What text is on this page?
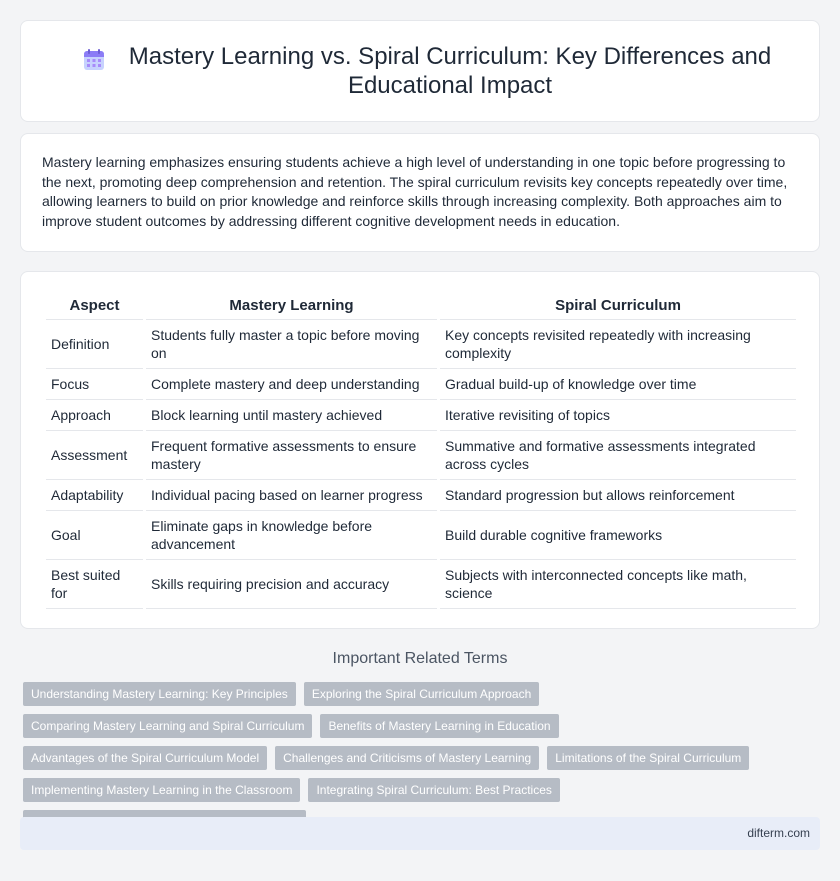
Mastery Learning vs. Spiral Curriculum: Key Differences and Educational Impact

Mastery learning emphasizes ensuring students achieve a high level of understanding in one topic before progressing to the next, promoting deep comprehension and retention. The spiral curriculum revisits key concepts repeatedly over time, allowing learners to build on prior knowledge and reinforce skills through increasing complexity. Both approaches aim to improve student outcomes by addressing different cognitive development needs in education.

Aspect	Mastery Learning	Spiral Curriculum
Definition	Students fully master a topic before moving on	Key concepts revisited repeatedly with increasing complexity
Focus	Complete mastery and deep understanding	Gradual build-up of knowledge over time
Approach	Block learning until mastery achieved	Iterative revisiting of topics
Assessment	Frequent formative assessments to ensure mastery	Summative and formative assessments integrated across cycles
Adaptability	Individual pacing based on learner progress	Standard progression but allows reinforcement
Goal	Eliminate gaps in knowledge before advancement	Build durable cognitive frameworks
Best suited for	Skills requiring precision and accuracy	Subjects with interconnected concepts like math, science
Important Related Terms
Understanding Mastery Learning: Key Principles	Exploring the Spiral Curriculum Approach
Comparing Mastery Learning and Spiral Curriculum	Benefits of Mastery Learning in Education
Advantages of the Spiral Curriculum Model	Challenges and Criticisms of Mastery Learning	Limitations of the Spiral Curriculum
Implementing Mastery Learning in the Classroom	Integrating Spiral Curriculum: Best Practices
difterm.com
